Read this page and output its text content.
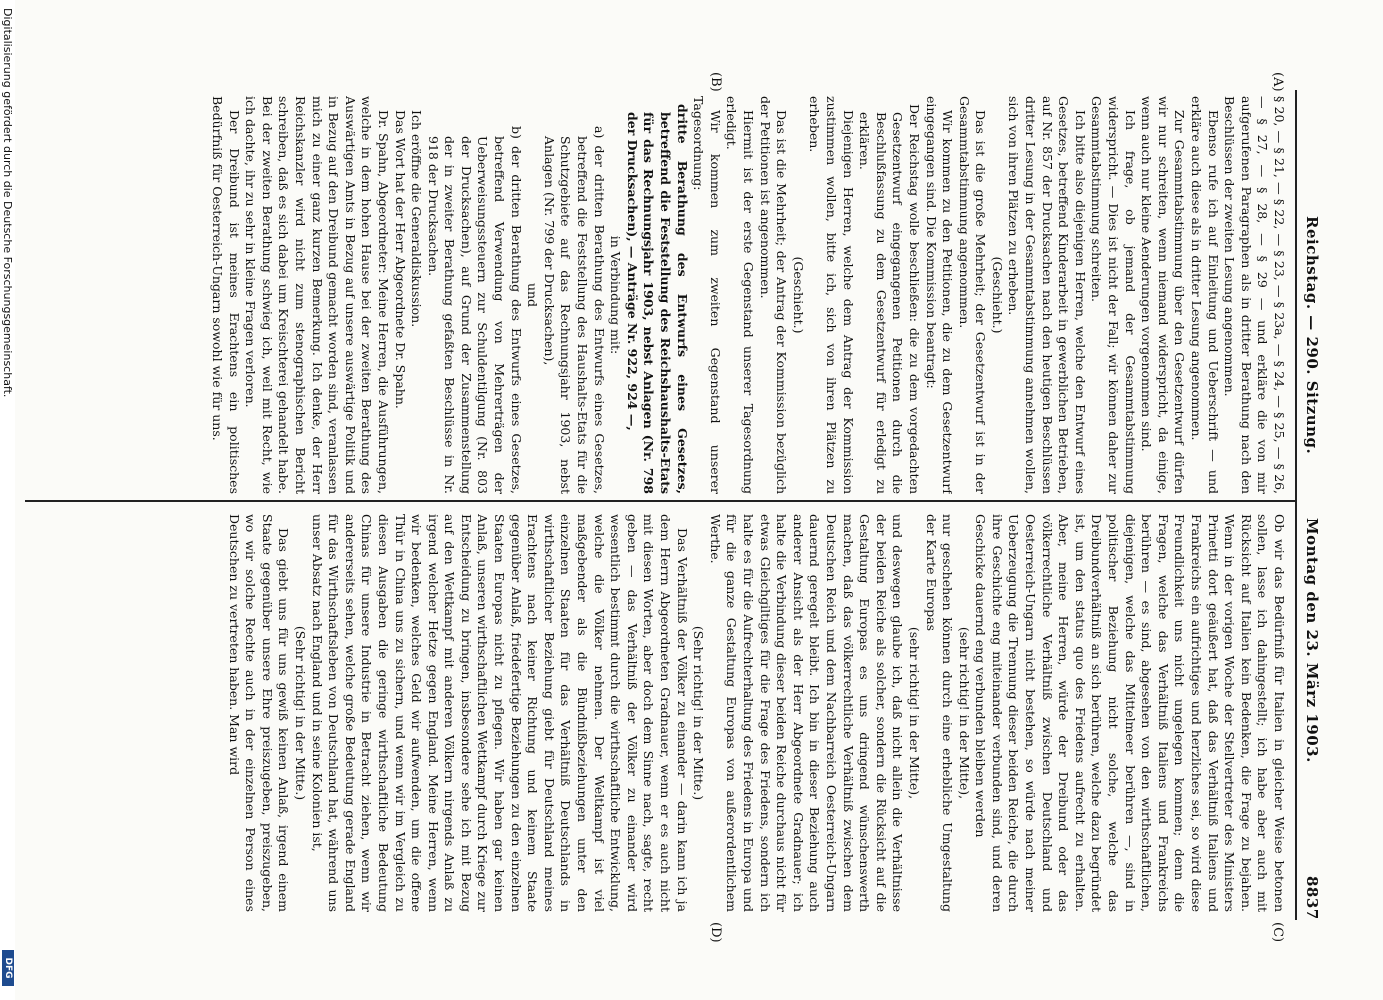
Reichstag. — 290. Sitzung.
Montag den 23. März 1903.
8837
(A)
(B)
(C)
(D)

§ 20, — § 21, — § 22, — § 23, — § 23a, — § 24, — § 25, — § 26, — § 27, — § 28, — § 29 — und erkläre die von mir aufgerufenen Paragraphen als in dritter Berathung nach den Beschlüssen der zweiten Lesung angenommen.

Ebenso rufe ich auf Einleitung und Ueberschrift — und erkläre auch diese als in dritter Lesung angenommen.

Zur Gesammtabstimmung über den Gesetzentwurf dürfen wir nur schreiten, wenn niemand widerspricht, da einige, wenn auch nur kleine Aenderungen vorgenommen sind.

Ich frage, ob jemand der Gesammtabstimmung widerspricht. — Dies ist nicht der Fall; wir können daher zur Gesammtabstimmung schreiten.

Ich bitte also diejenigen Herren, welche den Entwurf eines Gesetzes, betreffend Kinderarbeit in gewerblichen Betrieben, auf Nr. 857 der Drucksachen nach den heutigen Beschlüssen dritter Lesung in der Gesammtabstimmung annehmen wollen, sich von ihren Plätzen zu erheben.

(Geschieht.)

Das ist die große Mehrheit; der Gesetzentwurf ist in der Gesammtabstimmung angenommen.

Wir kommen zu den Petitionen, die zu dem Gesetzentwurf eingegangen sind. Die Kommission beantragt:

Der Reichstag wolle beschließen: die zu dem vorgedachten Gesetzentwurf eingegangenen Petitionen durch die Beschlußfassung zu dem Gesetzentwurf für erledigt zu erklären.

Diejenigen Herren, welche dem Antrag der Kommission zustimmen wollen, bitte ich, sich von ihren Plätzen zu erheben.

(Geschieht.)

Das ist die Mehrheit; der Antrag der Kommission bezüglich der Petitionen ist angenommen.

Hiermit ist der erste Gegenstand unserer Tagesordnung erledigt.

Wir kommen zum zweiten Gegenstand unserer Tagesordnung:

dritte Berathung des Entwurfs eines Gesetzes, betreffend die Feststellung des Reichshaushalts-Etats für das Rechnungsjahr 1903, nebst Anlagen (Nr. 798 der Drucksachen), — Anträge Nr. 922, 924 —,

in Verbindung mit:

a) der dritten Berathung des Entwurfs eines Gesetzes, betreffend die Feststellung des Haushalts-Etats für die Schutzgebiete auf das Rechnungsjahr 1903, nebst Anlagen (Nr. 799 der Drucksachen),

und

b) der dritten Berathung des Entwurfs eines Gesetzes, betreffend Verwendung von Mehrerträgen der Ueberweisungssteuern zur Schuldentilgung (Nr. 803 der Drucksachen), auf Grund der Zusammenstellung der in zweiter Berathung gefaßten Beschlüsse in Nr. 918 der Drucksachen.

Ich eröffne die Generaldiskussion.

Das Wort hat der Herr Abgeordnete Dr. Spahn.

Dr. Spahn, Abgeordneter: Meine Herren, die Ausführungen, welche in dem hohen Hause bei der zweiten Berathung des Auswärtigen Amts in Bezug auf unsere auswärtige Politik und in Bezug auf den Dreibund gemacht worden sind, veranlassen mich zu einer ganz kurzen Bemerkung. Ich denke, der Herr Reichskanzler wird nicht zum stenographischen Bericht schreiben, daß es sich dabei um Kreischterei gehandelt habe. Bei der zweiten Berathung schwieg ich, weil mit Recht, wie ich dachte, ihr zu sehr in kleine Fragen verloren.

Der Dreibund ist meines Erachtens ein politisches Bedürfniß für Oesterreich-Ungarn sowohl wie für uns.

Ob wir das Bedürfniß für Italien in gleicher Weise betonen sollen, lasse ich dahingestellt; ich habe aber auch mit Rücksicht auf Italien kein Bedenken, die Frage zu bejahen. Wenn in der vorigen Woche der Stellvertreter des Ministers Prinetti dort geäußert hat, daß das Verhältniß Italiens und Frankreichs ein aufrichtiges und herzliches sei, so wird diese Freundlichkeit uns nicht ungelegen kommen; denn die Fragen, welche das Verhältniß Italiens und Frankreichs berühren — es sind, abgesehen von den wirthschaftlichen, diejenigen, welche das Mittelmeer berühren —, sind in politischer Beziehung nicht solche, welche das Dreibundverhältniß an sich berühren, welche dazu begründet ist, um den status quo des Friedens aufrecht zu erhalten. Aber, meine Herren, würde der Dreibund oder das völkerrechtliche Verhältniß zwischen Deutschland und Oesterreich-Ungarn nicht bestehen, so würde nach meiner Ueberzeugung die Trennung dieser beiden Reiche, die durch ihre Geschichte eng miteinander verbunden sind, und deren Geschicke dauernd eng verbunden bleiben werden

(sehr richtig! in der Mitte),

nur geschehen können durch eine erhebliche Umgestaltung der Karte Europas

(sehr richtig! in der Mitte),

und deswegen glaube ich, daß nicht allein die Verhältnisse der beiden Reiche als solcher, sondern die Rücksicht auf die Gestaltung Europas es uns dringend wünschenswerth machen, daß das völkerrechtliche Verhältniß zwischen dem Deutschen Reich und dem Nachbarreich Oesterreich-Ungarn dauernd geregelt bleibt. Ich bin in dieser Beziehung auch anderer Ansicht als der Herr Abgeordnete Gradnauer; ich halte die Verbindung dieser beiden Reiche durchaus nicht für etwas Gleichgiltiges für die Frage des Friedens, sondern ich halte es für die Aufrechterhaltung des Friedens in Europa und für die ganze Gestaltung Europas von außerordentlichem Werthe.

(Sehr richtig! in der Mitte.)

Das Verhältniß der Völker zu einander — darin kann ich ja dem Herrn Abgeordneten Gradnauer, wenn er es auch nicht mit diesen Worten, aber doch dem Sinne nach, sagte, recht geben — das Verhältniß der Völker zu einander wird wesentlich bestimmt durch die wirthschaftliche Entwicklung, welche die Völker nehmen. Der Weltkampf ist viel maßgebender als die Bündnißbeziehungen unter den einzelnen Staaten für das Verhältniß Deutschlands in wirthschaftlicher Beziehung giebt für Deutschland meines Erachtens nach keiner Richtung und keinem Staate gegenüber Anlaß, friedefertige Beziehungen zu den einzelnen Staaten Europas nicht zu pflegen. Wir haben gar keinen Anlaß, unseren wirthschaftlichen Wettkampf durch Kriege zur Entscheidung zu bringen, insbesondere sehe ich mit Bezug auf den Wettkampf mit anderen Völkern nirgends Anlaß zu irgend welcher Hetze gegen England. Meine Herren, wenn wir bedenken, welches Geld wir aufwenden, um die offene Thür in China uns zu sichern, und wenn wir im Vergleich zu diesen Ausgaben die geringe wirthschaftliche Bedeutung Chinas für unsere Industrie in Betracht ziehen, wenn wir andererseits sehen, welche große Bedeutung gerade England für das Wirthschaftsleben von Deutschland hat, während uns unser Absatz nach England und in seine Kolonien ist,

(Sehr richtig! in der Mitte.)

Das giebt uns für uns gewiß keinen Anlaß, irgend einem Staate gegenüber unsere Ehre preiszugeben, preiszugeben, wo wir solche Rechte auch in der einzelnen Person eines Deutschen zu vertreten haben. Man wird

Digitalisierung gefördert durch die Deutsche Forschungsgemeinschaft.
DFG
